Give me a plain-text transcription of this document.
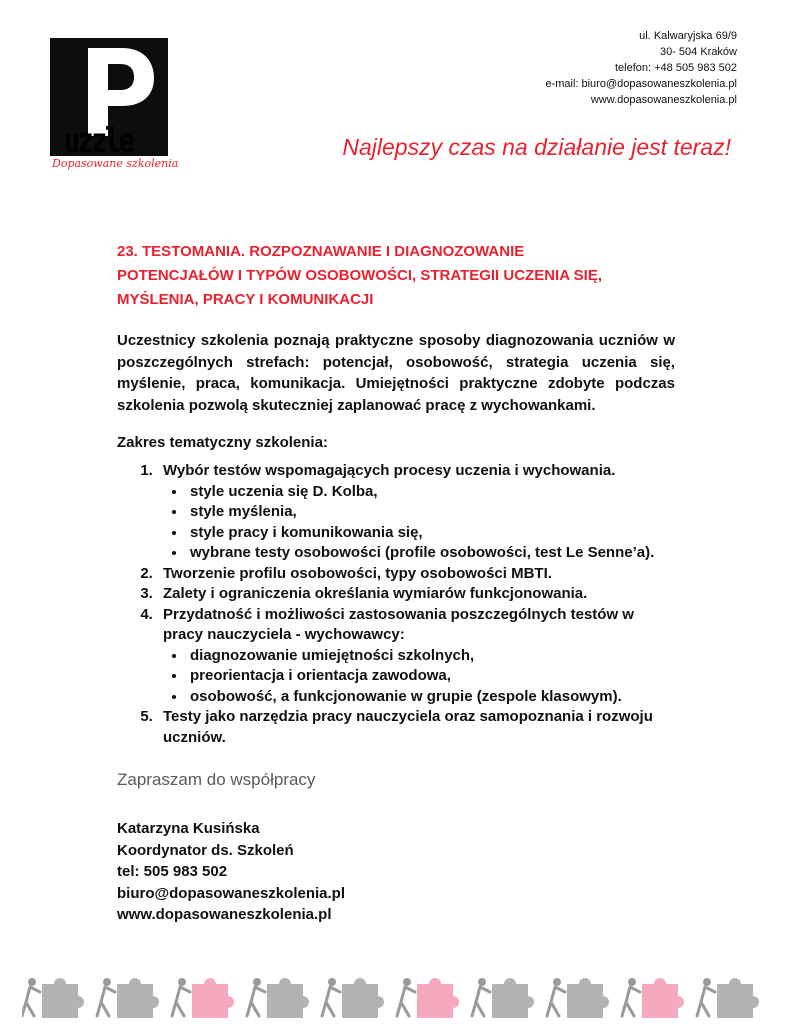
uzzle
Dopasowane szkolenia
ul. Kalwaryjska 69/9
30- 504 Kraków
telefon: +48 505 983 502
e-mail: biuro@dopasowaneszkolenia.pl
www.dopasowaneszkolenia.pl
Najlepszy czas na działanie jest teraz!
23. TESTOMANIA. ROZPOZNAWANIE I DIAGNOZOWANIE
POTENCJAŁÓW I TYPÓW OSOBOWOŚCI, STRATEGII UCZENIA SIĘ,
MYŚLENIA, PRACY I KOMUNIKACJI

Uczestnicy szkolenia poznają praktyczne sposoby diagnozowania uczniów w poszczególnych strefach: potencjał, osobowość, strategia uczenia się, myślenie, praca, komunikacja. Umiejętności praktyczne zdobyte podczas szkolenia pozwolą skuteczniej zaplanować pracę z wychowankami.

Zakres tematyczny szkolenia:

1. Wybór testów wspomagających procesy uczenia i wychowania.
• style uczenia się D. Kolba,
• style myślenia,
• style pracy i komunikowania się,
• wybrane testy osobowości (profile osobowości, test Le Senne’a).
2. Tworzenie profilu osobowości, typy osobowości MBTI.
3. Zalety i ograniczenia określania wymiarów funkcjonowania.
4. Przydatność i możliwości zastosowania poszczególnych testów w pracy nauczyciela - wychowawcy:
• diagnozowanie umiejętności szkolnych,
• preorientacja i orientacja zawodowa,
• osobowość, a funkcjonowanie w grupie (zespole klasowym).
5. Testy jako narzędzia pracy nauczyciela oraz samopoznania i rozwoju uczniów.
Zapraszam do współpracy
Katarzyna Kusińska
Koordynator ds. Szkoleń
tel: 505 983 502
biuro@dopasowaneszkolenia.pl
www.dopasowaneszkolenia.pl
